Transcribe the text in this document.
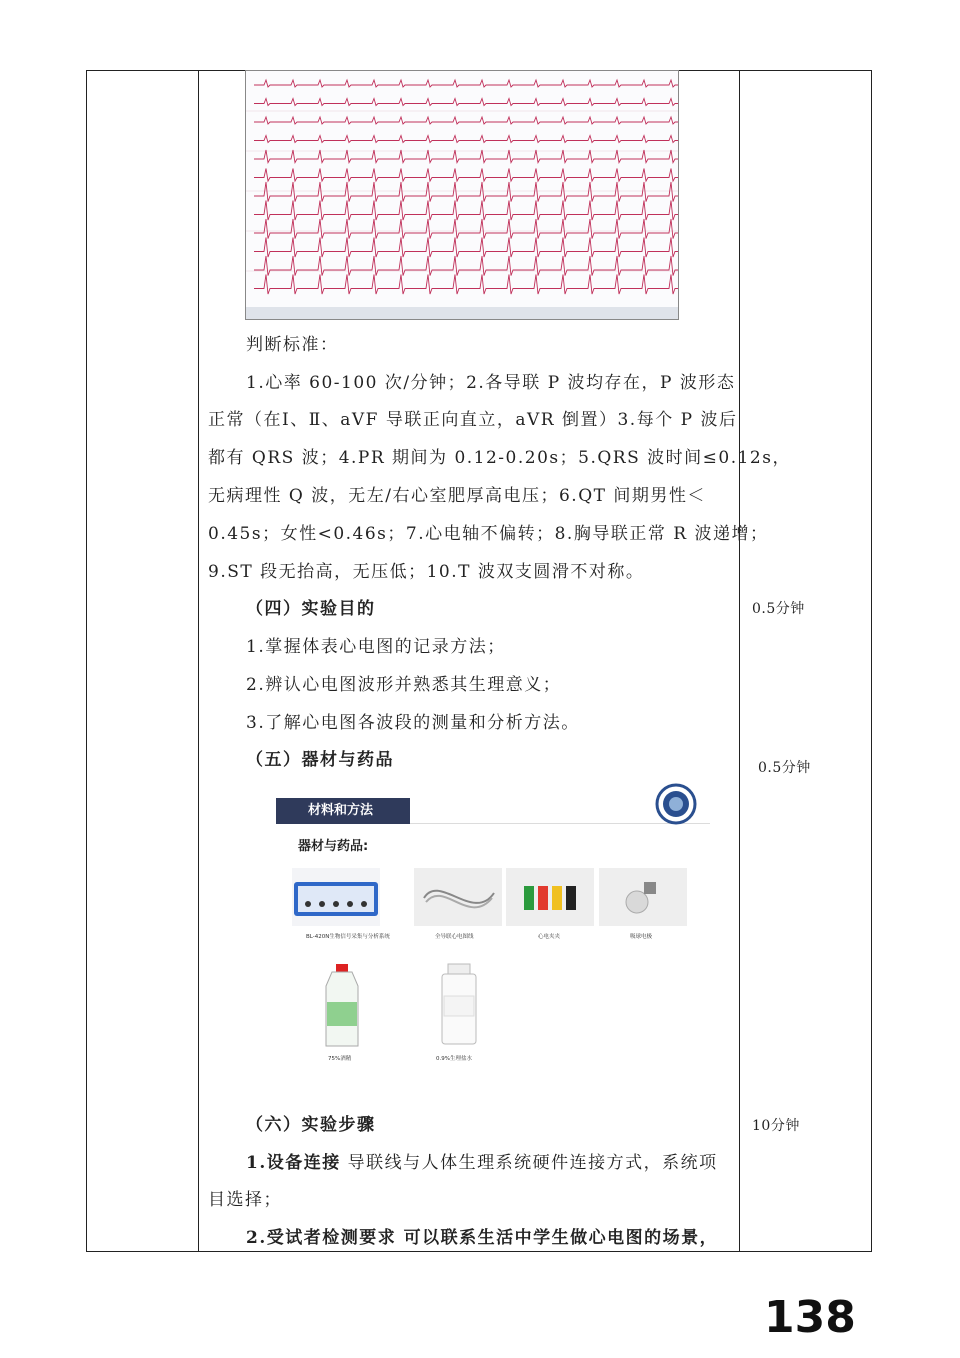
判断标准：
1.心率 60-100 次/分钟；2.各导联 P 波均存在，P 波形态
正常（在Ⅰ、Ⅱ、aVF 导联正向直立，aVR 倒置）3.每个 P 波后
都有 QRS 波；4.PR 期间为 0.12-0.20s；5.QRS 波时间≤0.12s，
无病理性 Q 波，无左/右心室肥厚高电压；6.QT 间期男性＜
0.45s；女性<0.46s；7.心电轴不偏转；8.胸导联正常 R 波递增；
9.ST 段无抬高，无压低；10.T 波双支圆滑不对称。
（四）实验目的	0.5分钟
1.掌握体表心电图的记录方法；
2.辨认心电图波形并熟悉其生理意义；
3.了解心电图各波段的测量和分析方法。
（五）器材与药品	0.5分钟
材料和方法
器材与药品:
BL-420N生物信号采集与分析系统	全导联心电图线	心电夹夹	吸球电极
75%酒精	0.9%生理盐水
（六）实验步骤	10分钟
1.设备连接 导联线与人体生理系统硬件连接方式，系统项
目选择；
2.受试者检测要求 可以联系生活中学生做心电图的场景，
138
